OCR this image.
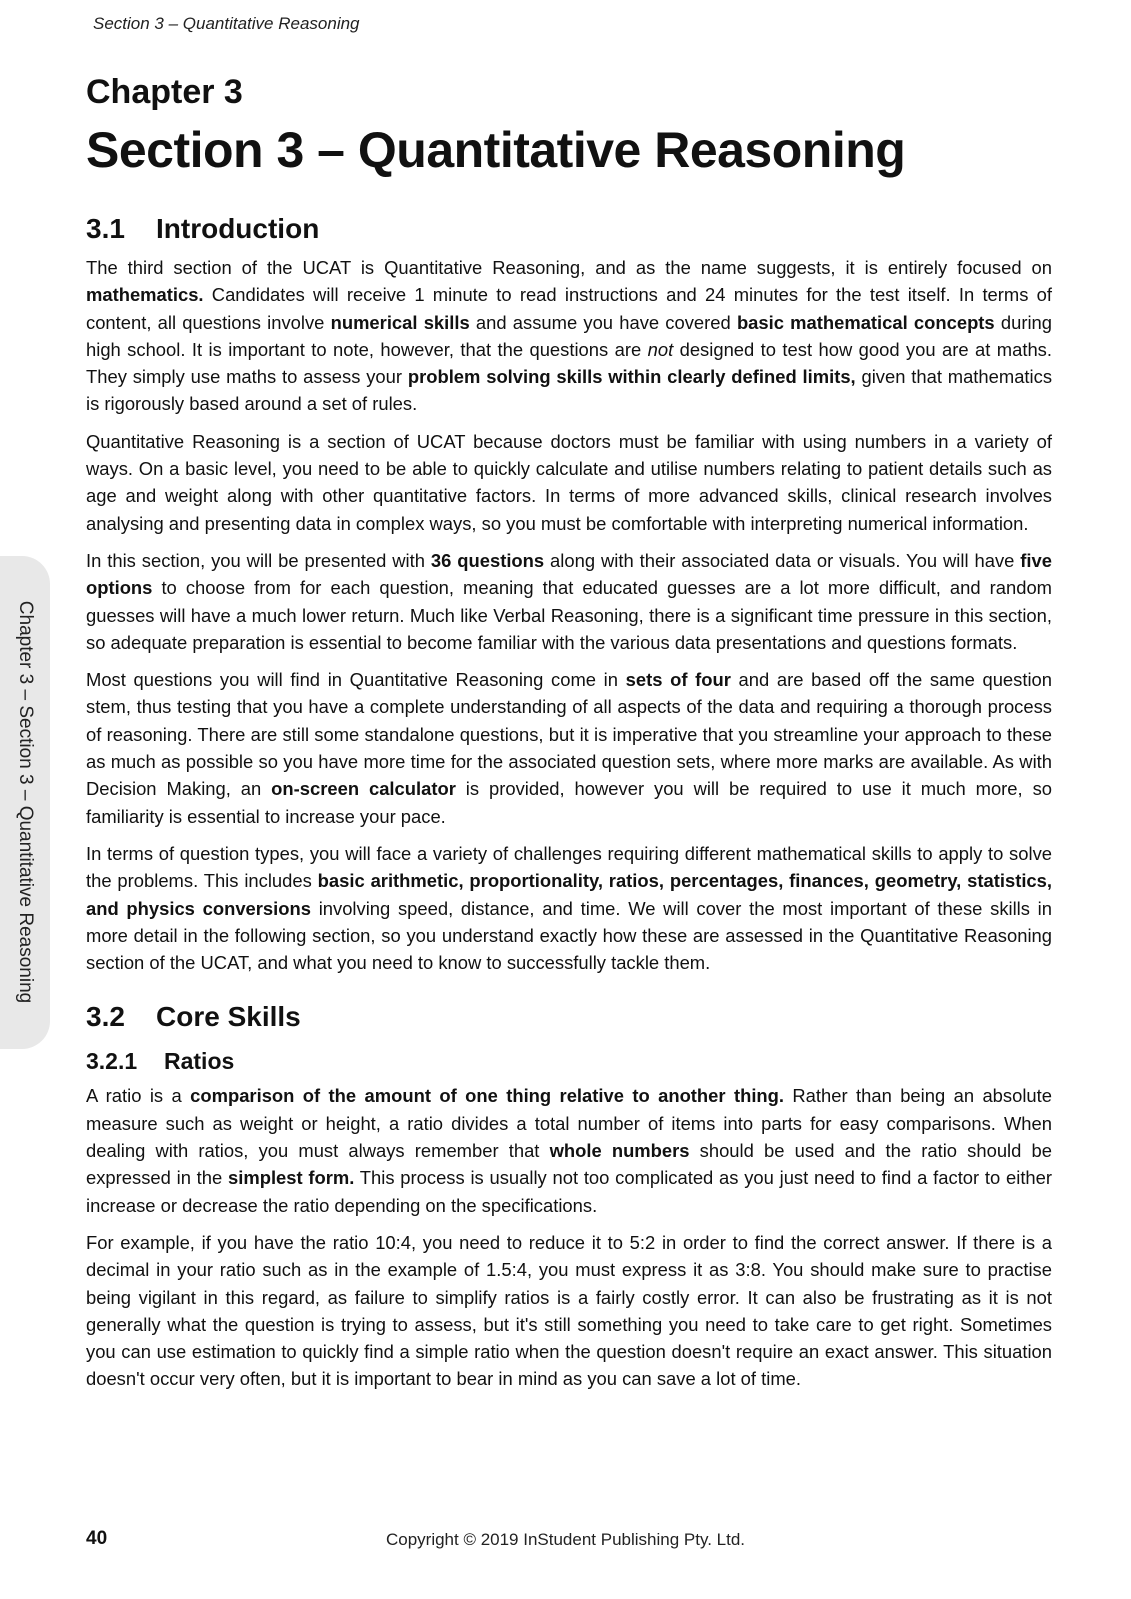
Section 3 – Quantitative Reasoning
Chapter 3 – Section 3 – Quantitative Reasoning
Chapter 3
Section 3 – Quantitative Reasoning
3.1 Introduction

The third section of the UCAT is Quantitative Reasoning, and as the name suggests, it is entirely focused on mathematics. Candidates will receive 1 minute to read instructions and 24 minutes for the test itself. In terms of content, all questions involve numerical skills and assume you have covered basic mathematical concepts during high school. It is important to note, however, that the questions are not designed to test how good you are at maths. They simply use maths to assess your problem solving skills within clearly defined limits, given that mathematics is rigorously based around a set of rules.

Quantitative Reasoning is a section of UCAT because doctors must be familiar with using numbers in a variety of ways. On a basic level, you need to be able to quickly calculate and utilise numbers relating to patient details such as age and weight along with other quantitative factors. In terms of more advanced skills, clinical research involves analysing and presenting data in complex ways, so you must be comfortable with interpreting numerical information.

In this section, you will be presented with 36 questions along with their associated data or visuals. You will have five options to choose from for each question, meaning that educated guesses are a lot more difficult, and random guesses will have a much lower return. Much like Verbal Reasoning, there is a significant time pressure in this section, so adequate preparation is essential to become familiar with the various data presentations and questions formats.

Most questions you will find in Quantitative Reasoning come in sets of four and are based off the same question stem, thus testing that you have a complete understanding of all aspects of the data and requiring a thorough process of reasoning. There are still some standalone questions, but it is imperative that you streamline your approach to these as much as possible so you have more time for the associated question sets, where more marks are available. As with Decision Making, an on-screen calculator is provided, however you will be required to use it much more, so familiarity is essential to increase your pace.

In terms of question types, you will face a variety of challenges requiring different mathematical skills to apply to solve the problems. This includes basic arithmetic, proportionality, ratios, percentages, finances, geometry, statistics, and physics conversions involving speed, distance, and time. We will cover the most important of these skills in more detail in the following section, so you understand exactly how these are assessed in the Quantitative Reasoning section of the UCAT, and what you need to know to successfully tackle them.

3.2 Core Skills
3.2.1 Ratios

A ratio is a comparison of the amount of one thing relative to another thing. Rather than being an absolute measure such as weight or height, a ratio divides a total number of items into parts for easy comparisons. When dealing with ratios, you must always remember that whole numbers should be used and the ratio should be expressed in the simplest form. This process is usually not too complicated as you just need to find a factor to either increase or decrease the ratio depending on the specifications.

For example, if you have the ratio 10:4, you need to reduce it to 5:2 in order to find the correct answer. If there is a decimal in your ratio such as in the example of 1.5:4, you must express it as 3:8. You should make sure to practise being vigilant in this regard, as failure to simplify ratios is a fairly costly error. It can also be frustrating as it is not generally what the question is trying to assess, but it's still something you need to take care to get right. Sometimes you can use estimation to quickly find a simple ratio when the question doesn't require an exact answer. This situation doesn't occur very often, but it is important to bear in mind as you can save a lot of time.

40	Copyright © 2019 InStudent Publishing Pty. Ltd.
